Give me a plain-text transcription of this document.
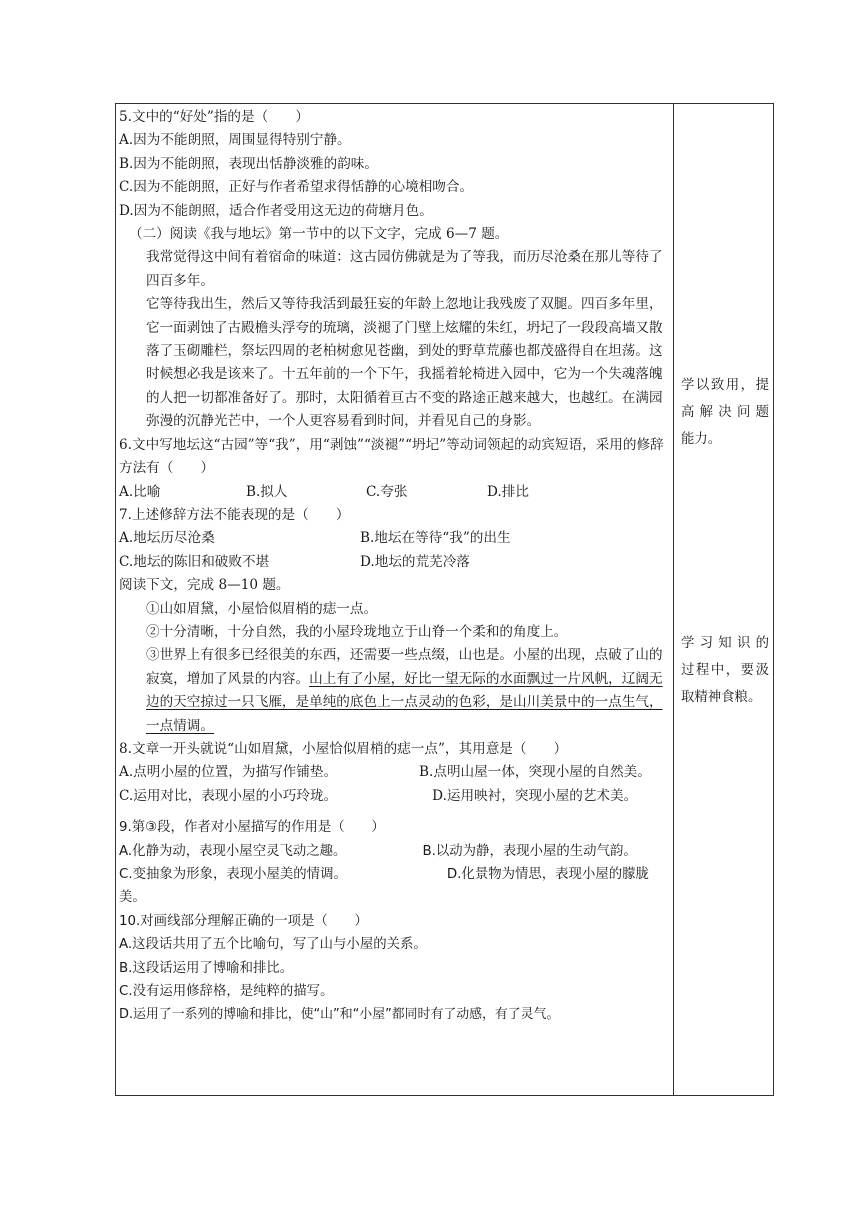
5.文中的“好处”指的是（　　）

A.因为不能朗照，周围显得特别宁静。

B.因为不能朗照，表现出恬静淡雅的韵味。

C.因为不能朗照，正好与作者希望求得恬静的心境相吻合。

D.因为不能朗照，适合作者受用这无边的荷塘月色。

（二）阅读《我与地坛》第一节中的以下文字，完成 6—7 题。

我常觉得这中间有着宿命的味道：这古园仿佛就是为了等我，而历尽沧桑在那儿等待了四百多年。

它等待我出生，然后又等待我活到最狂妄的年龄上忽地让我残废了双腿。四百多年里，它一面剥蚀了古殿檐头浮夸的琉璃，淡褪了门壁上炫耀的朱红，坍圮了一段段高墙又散落了玉砌雕栏，祭坛四周的老柏树愈见苍幽，到处的野草荒藤也都茂盛得自在坦荡。这时候想必我是该来了。十五年前的一个下午，我摇着轮椅进入园中，它为一个失魂落魄的人把一切都准备好了。那时，太阳循着亘古不变的路途正越来越大，也越红。在满园弥漫的沉静光芒中，一个人更容易看到时间，并看见自己的身影。

6.文中写地坛这“古园”等“我”，用“剥蚀”“淡褪”“坍圮”等动词领起的动宾短语，采用的修辞方法有（　　）

A.比喻	B.拟人	C.夸张	D.排比

7.上述修辞方法不能表现的是（　　）

A.地坛历尽沧桑	B.地坛在等待“我”的出生
C.地坛的陈旧和破败不堪	D.地坛的荒芜冷落

阅读下文，完成 8—10 题。

①山如眉黛，小屋恰似眉梢的痣一点。

②十分清晰，十分自然，我的小屋玲珑地立于山脊一个柔和的角度上。

③世界上有很多已经很美的东西，还需要一些点缀，山也是。小屋的出现，点破了山的寂寞，增加了风景的内容。山上有了小屋，好比一望无际的水面飘过一片风帆，辽阔无边的天空掠过一只飞雁，是单纯的底色上一点灵动的色彩，是山川美景中的一点生气，一点情调。

8.文章一开头就说“山如眉黛，小屋恰似眉梢的痣一点”，其用意是（　　）

A.点明小屋的位置，为描写作铺垫。	B.点明山屋一体，突现小屋的自然美。

C.运用对比，表现小屋的小巧玲珑。	D.运用映衬，突现小屋的艺术美。

9.第③段，作者对小屋描写的作用是（　　）

A.化静为动，表现小屋空灵飞动之趣。	B.以动为静，表现小屋的生动气韵。

C.变抽象为形象，表现小屋美的情调。	D.化景物为情思，表现小屋的朦胧美。

10.对画线部分理解正确的一项是（　　）

A.这段话共用了五个比喻句，写了山与小屋的关系。

B.这段话运用了博喻和排比。

C.没有运用修辞格，是纯粹的描写。

D.运用了一系列的博喻和排比，使“山”和“小屋”都同时有了动感，有了灵气。

学以致用，提
高解决问题
能力。
学习知识的
过程中，要汲
取精神食粮。
